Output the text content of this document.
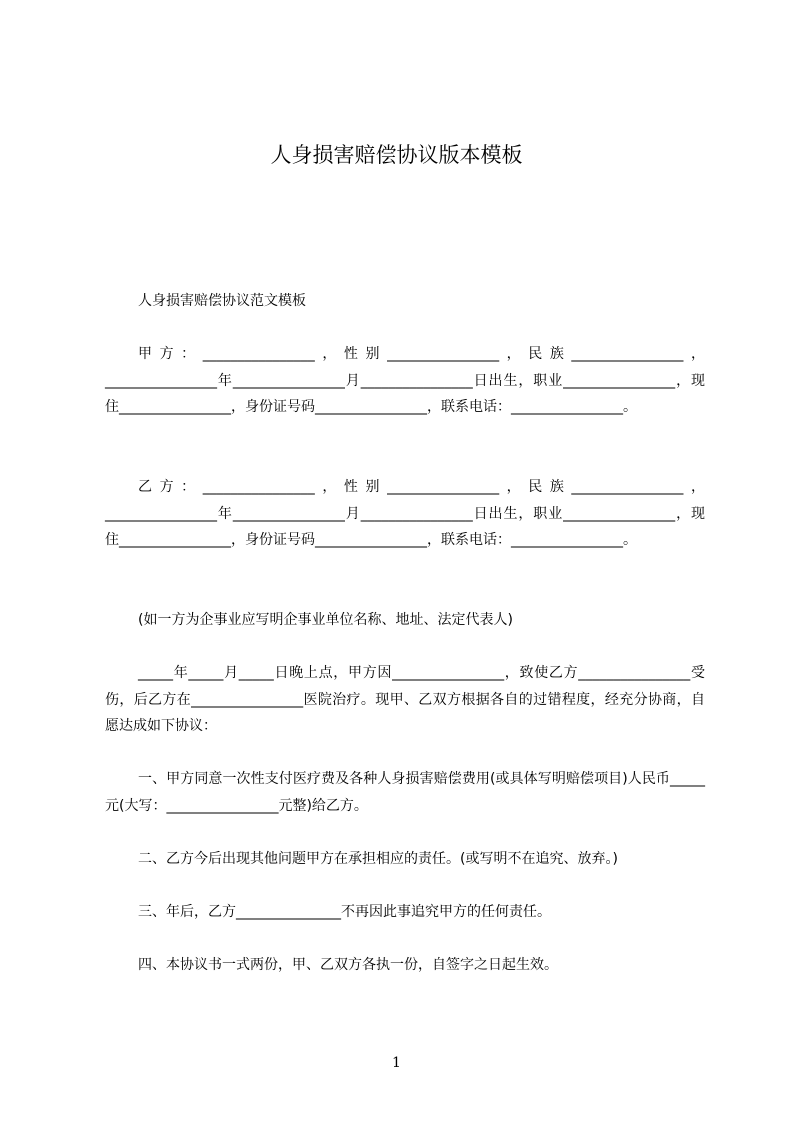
人身损害赔偿协议版本模板

人身损害赔偿协议范文模板

甲方：________________，性别________________，民族________________，________________年________________月________________日出生，职业________________，现住________________，身份证号码________________，联系电话：________________。

乙方：________________，性别________________，民族________________，________________年________________月________________日出生，职业________________，现住________________，身份证号码________________，联系电话：________________。

(如一方为企事业应写明企事业单位名称、地址、法定代表人)

_____年_____月_____日晚上点，甲方因________________，致使乙方________________受伤，后乙方在________________医院治疗。现甲、乙双方根据各自的过错程度，经充分协商，自愿达成如下协议：

一、甲方同意一次性支付医疗费及各种人身损害赔偿费用(或具体写明赔偿项目)人民币_____元(大写：________________元整)给乙方。

二、乙方今后出现其他问题甲方在承担相应的责任。(或写明不在追究、放弃。)

三、年后，乙方_______________不再因此事追究甲方的任何责任。

四、本协议书一式两份，甲、乙双方各执一份，自签字之日起生效。

1
